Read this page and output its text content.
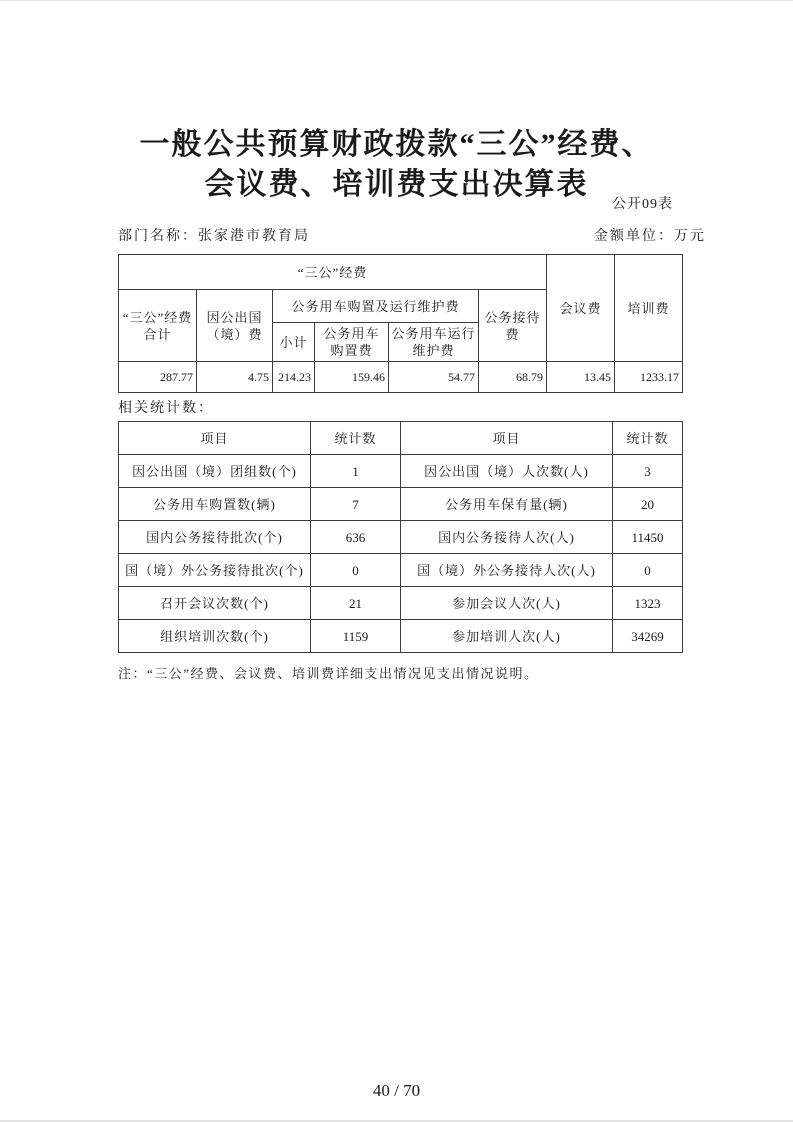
一般公共预算财政拨款“三公”经费、
会议费、培训费支出决算表
公开09表
部门名称：张家港市教育局	金额单位：万元
“三公”经费						会议费	培训费
“三公”经费合计	因公出国（境）费	公务用车购置及运行维护费			公务接待费		
		小计	公务用车购置费	公务用车运行维护费			
287.77	4.75	214.23	159.46	54.77	68.79	13.45	1233.17
相关统计数：
项目	统计数	项目	统计数
因公出国（境）团组数(个)	1	因公出国（境）人次数(人)	3
公务用车购置数(辆)	7	公务用车保有量(辆)	20
国内公务接待批次(个)	636	国内公务接待人次(人)	11450
国（境）外公务接待批次(个)	0	国（境）外公务接待人次(人)	0
召开会议次数(个)	21	参加会议人次(人)	1323
组织培训次数(个)	1159	参加培训人次(人)	34269
注：“三公”经费、会议费、培训费详细支出情况见支出情况说明。
40 / 70
